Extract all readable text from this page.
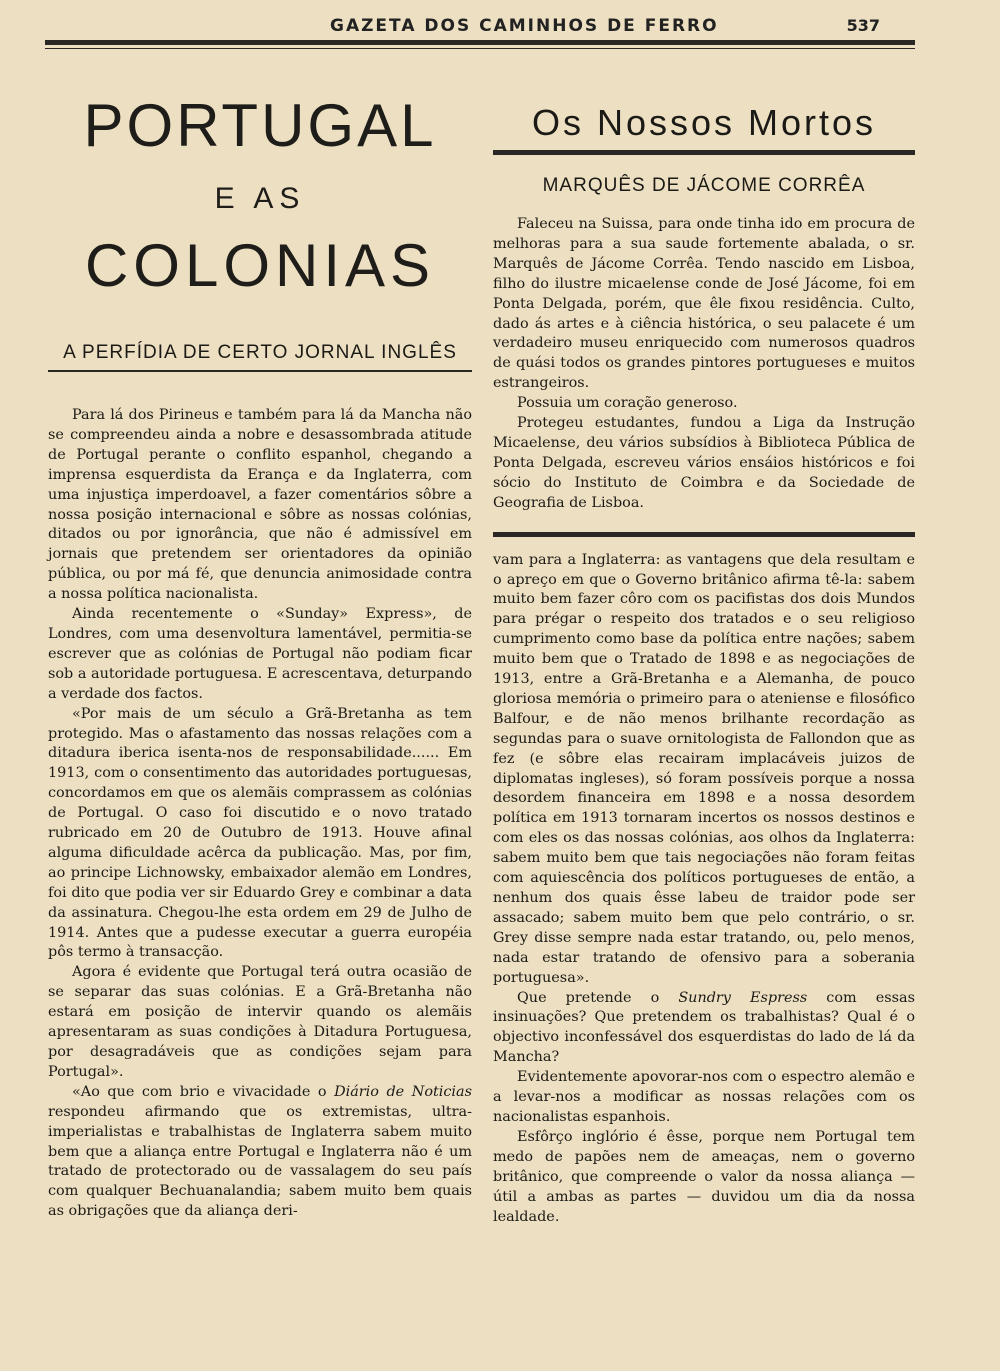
GAZETA DOS CAMINHOS DE FERRO	537
PORTUGAL
E AS
COLONIAS
A PERFÍDIA DE CERTO JORNAL INGLÊS

Para lá dos Pirineus e também para lá da Mancha não se compreendeu ainda a nobre e desassombrada atitude de Portugal perante o conflito espanhol, chegando a imprensa esquerdista da Erança e da Inglaterra, com uma injustiça imperdoavel, a fazer comentários sôbre a nossa posição internacional e sôbre as nossas colónias, ditados ou por ignorância, que não é admissível em jornais que pretendem ser orientadores da opinião pública, ou por má fé, que denuncia animosidade contra a nossa política nacionalista.

Ainda recentemente o «Sunday» Express», de Londres, com uma desenvoltura lamentável, permitia-se escrever que as colónias de Portugal não podiam ficar sob a autoridade portuguesa. E acrescentava, deturpando a verdade dos factos.

«Por mais de um século a Grã-Bretanha as tem protegido. Mas o afastamento das nossas relações com a ditadura iberica isenta-nos de responsabilidade...... Em 1913, com o consentimento das autoridades portuguesas, concordamos em que os alemãis comprassem as colónias de Portugal. O caso foi discutido e o novo tratado rubricado em 20 de Outubro de 1913. Houve afinal alguma dificuldade acêrca da publicação. Mas, por fim, ao principe Lichnowsky, embaixador alemão em Londres, foi dito que podia ver sir Eduardo Grey e combinar a data da assinatura. Chegou-lhe esta ordem em 29 de Julho de 1914. Antes que a pudesse executar a guerra européia pôs termo à transacção.

Agora é evidente que Portugal terá outra ocasião de se separar das suas colónias. E a Grã-Bretanha não estará em posição de intervir quando os alemãis apresentaram as suas condições à Ditadura Portuguesa, por desagradáveis que as condições sejam para Portugal».

«Ao que com brio e vivacidade o Diário de Noticias respondeu afirmando que os extremistas, ultra-imperialistas e trabalhistas de Inglaterra sabem muito bem que a aliança entre Portugal e Inglaterra não é um tratado de protectorado ou de vassalagem do seu país com qualquer Bechuanalandia; sabem muito bem quais as obrigações que da aliança deri-

Os Nossos Mortos
MARQUÊS DE JÁCOME CORRÊA

Faleceu na Suissa, para onde tinha ido em procura de melhoras para a sua saude fortemente abalada, o sr. Marquês de Jácome Corrêa. Tendo nascido em Lisboa, filho do ilustre micaelense conde de José Jácome, foi em Ponta Delgada, porém, que êle fixou residência. Culto, dado ás artes e à ciência histórica, o seu palacete é um verdadeiro museu enriquecido com numerosos quadros de quási todos os grandes pintores portugueses e muitos estrangeiros.

Possuia um coração generoso.

Protegeu estudantes, fundou a Liga da Instrução Micaelense, deu vários subsídios à Biblioteca Pública de Ponta Delgada, escreveu vários ensáios históricos e foi sócio do Instituto de Coimbra e da Sociedade de Geografia de Lisboa.

vam para a Inglaterra: as vantagens que dela resultam e o apreço em que o Governo britânico afirma tê-la: sabem muito bem fazer côro com os pacifistas dos dois Mundos para prégar o respeito dos tratados e o seu religioso cumprimento como base da política entre nações; sabem muito bem que o Tratado de 1898 e as negociações de 1913, entre a Grã-Bretanha e a Alemanha, de pouco gloriosa memória o primeiro para o ateniense e filosófico Balfour, e de não menos brilhante recordação as segundas para o suave ornitologista de Fallondon que as fez (e sôbre elas recairam implacáveis juizos de diplomatas ingleses), só foram possíveis porque a nossa desordem financeira em 1898 e a nossa desordem política em 1913 tornaram incertos os nossos destinos e com eles os das nossas colónias, aos olhos da Inglaterra: sabem muito bem que tais negociações não foram feitas com aquiescência dos políticos portugueses de então, a nenhum dos quais êsse labeu de traidor pode ser assacado; sabem muito bem que pelo contrário, o sr. Grey disse sempre nada estar tratando, ou, pelo menos, nada estar tratando de ofensivo para a soberania portuguesa».

Que pretende o Sundry Espress com essas insinuações? Que pretendem os trabalhistas? Qual é o objectivo inconfessável dos esquerdistas do lado de lá da Mancha?

Evidentemente apovorar-nos com o espectro alemão e a levar-nos a modificar as nossas relações com os nacionalistas espanhois.

Esfôrço inglório é êsse, porque nem Portugal tem medo de papões nem de ameaças, nem o governo britânico, que compreende o valor da nossa aliança — útil a ambas as partes — duvidou um dia da nossa lealdade.
